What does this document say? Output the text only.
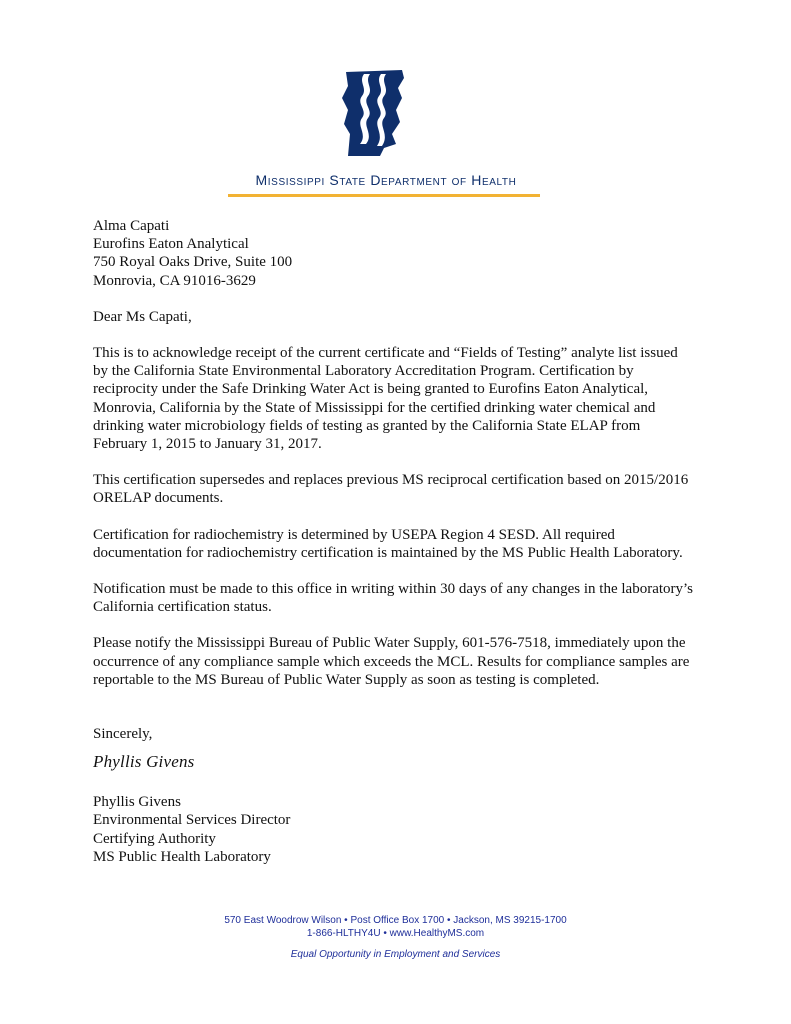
Mississippi State Department of Health

Alma Capati

Eurofins Eaton Analytical

750 Royal Oaks Drive, Suite 100

Monrovia, CA 91016-3629

Dear Ms Capati,

This is to acknowledge receipt of the current certificate and “Fields of Testing” analyte list issued by the California State Environmental Laboratory Accreditation Program. Certification by reciprocity under the Safe Drinking Water Act is being granted to Eurofins Eaton Analytical, Monrovia, California by the State of Mississippi for the certified drinking water chemical and drinking water microbiology fields of testing as granted by the California State ELAP from February 1, 2015 to January 31, 2017.

This certification supersedes and replaces previous MS reciprocal certification based on 2015/2016 ORELAP documents.

Certification for radiochemistry is determined by USEPA Region 4 SESD. All required documentation for radiochemistry certification is maintained by the MS Public Health Laboratory.

Notification must be made to this office in writing within 30 days of any changes in the laboratory’s California certification status.

Please notify the Mississippi Bureau of Public Water Supply, 601-576-7518, immediately upon the occurrence of any compliance sample which exceeds the MCL. Results for compliance samples are reportable to the MS Bureau of Public Water Supply as soon as testing is completed.

Sincerely,

Phyllis Givens

Phyllis Givens

Environmental Services Director

Certifying Authority

MS Public Health Laboratory

570 East Woodrow Wilson • Post Office Box 1700 • Jackson, MS 39215-1700

1-866-HLTHY4U • www.HealthyMS.com

Equal Opportunity in Employment and Services
